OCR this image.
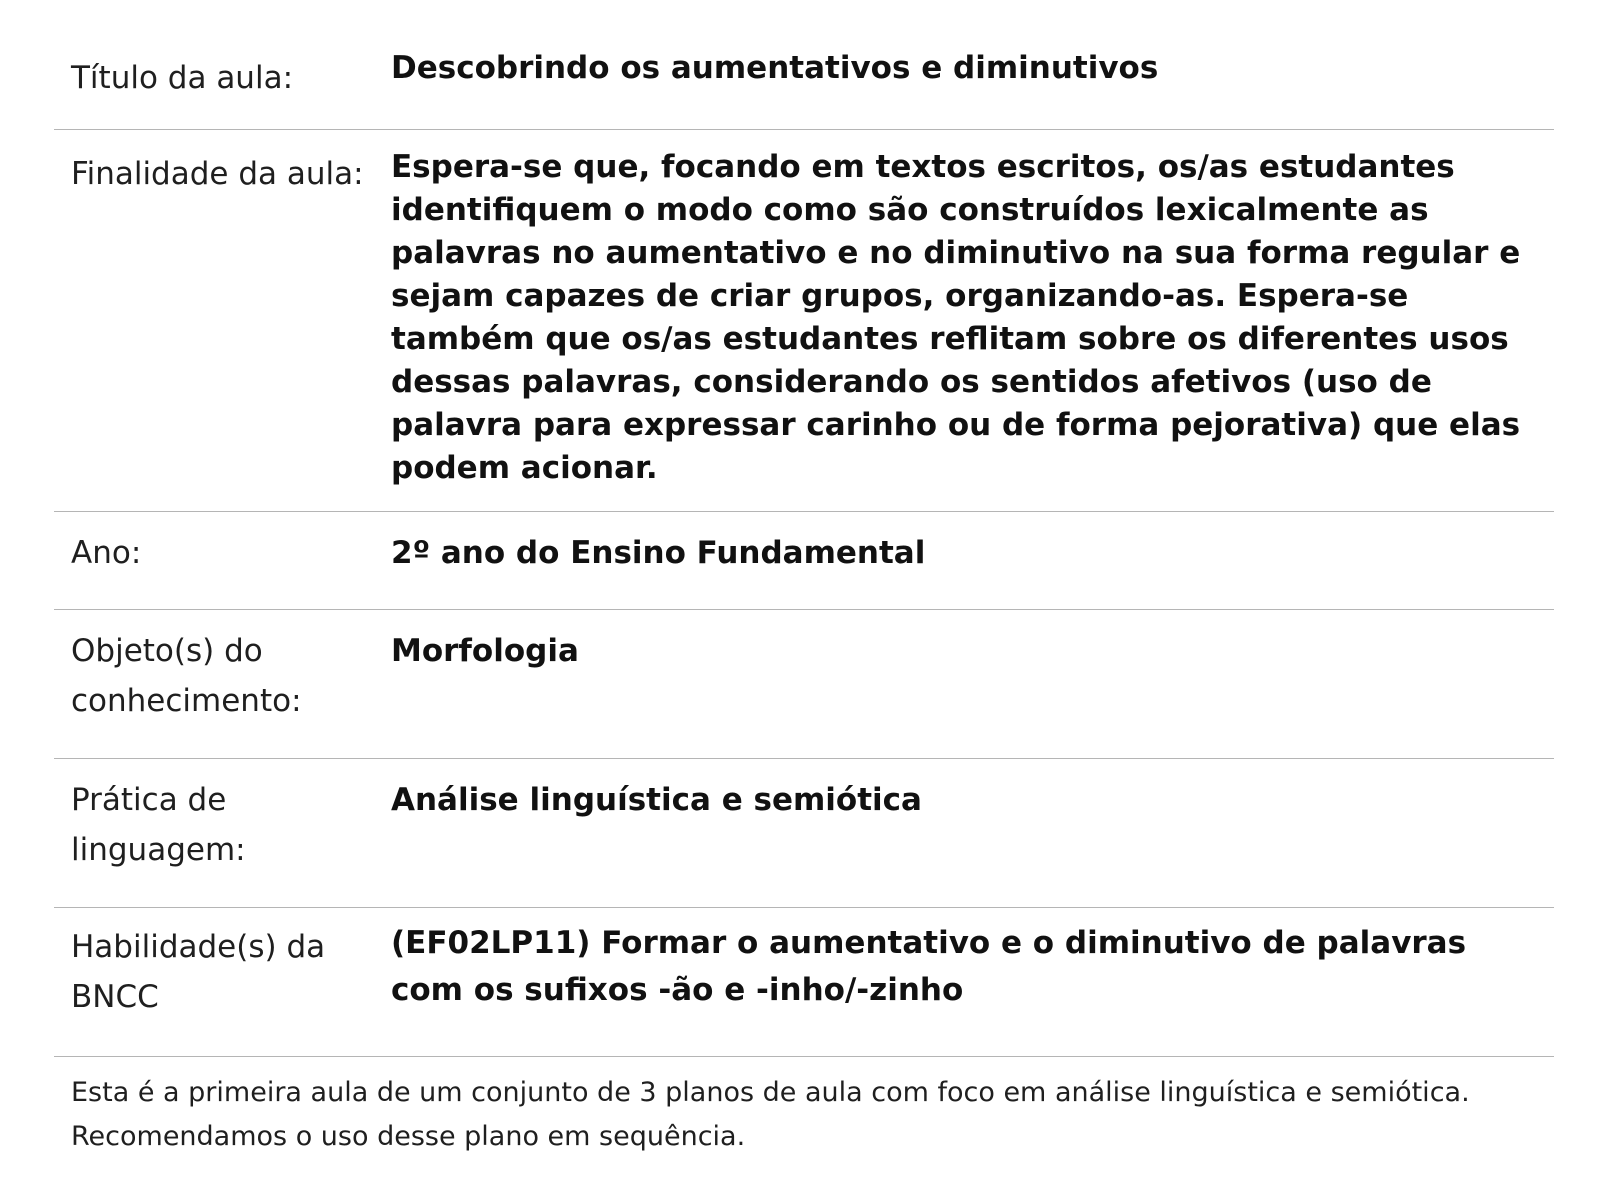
Título da aula:	Descobrindo os aumentativos e diminutivos
Finalidade da aula: Espera-se que, focando em textos escritos, os/as estudantes identifiquem o modo como são construídos lexicalmente as palavras no aumentativo e no diminutivo na sua forma regular e sejam capazes de criar grupos, organizando-as. Espera-se também que os/as estudantes reflitam sobre os diferentes usos dessas palavras, considerando os sentidos afetivos (uso de palavra para expressar carinho ou de forma pejorativa) que elas podem acionar.
Ano:	2º ano do Ensino Fundamental
Objeto(s) do conhecimento:
Morfologia
Prática de linguagem:
Análise linguística e semiótica
Habilidade(s) da BNCC
(EF02LP11) Formar o aumentativo e o diminutivo de palavras com os sufixos -ão e -inho/-zinho
Esta é a primeira aula de um conjunto de 3 planos de aula com foco em análise linguística e semiótica. Recomendamos o uso desse plano em sequência.
